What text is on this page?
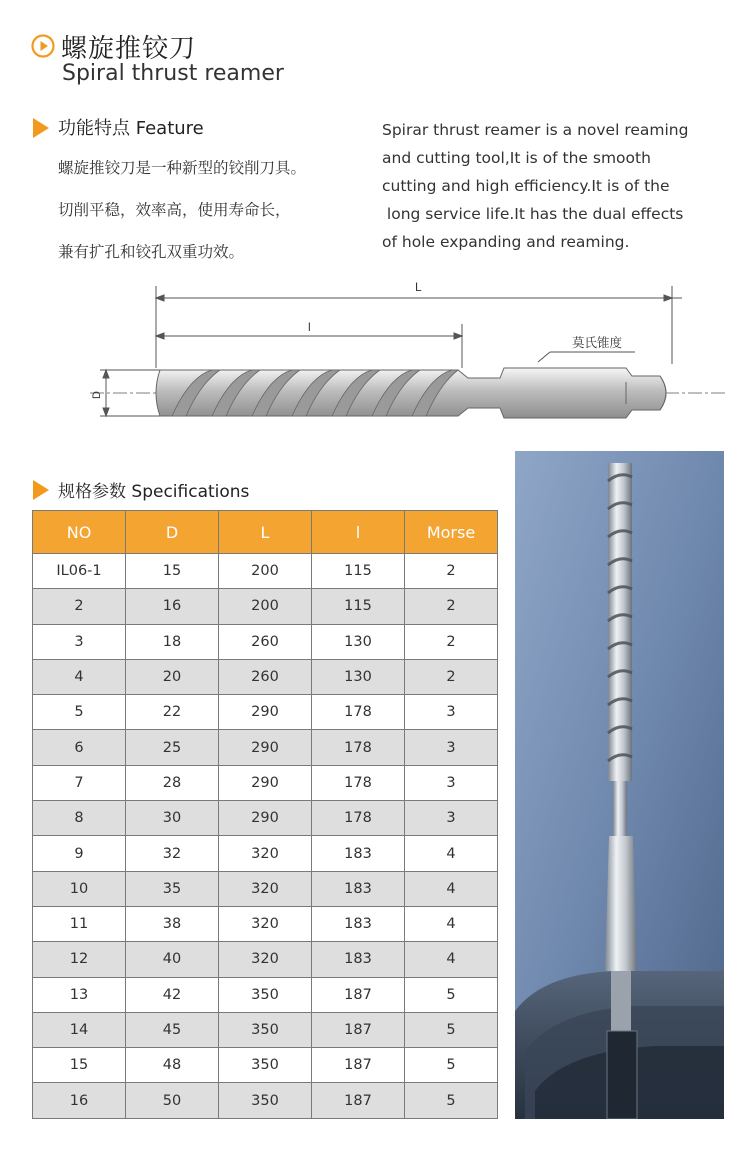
螺旋推铰刀
Spiral thrust reamer
功能特点 Feature
螺旋推铰刀是一种新型的铰削刀具。
切削平稳，效率高，使用寿命长，
兼有扩孔和铰孔双重功效。
Spirar thrust reamer is a novel reaming
and cutting tool,It is of the smooth
cutting and high efficiency.It is of the
long service life.It has the dual effects
of hole expanding and reaming.
L
l
D
莫氏锥度
规格参数 Specifications
NO	D	L	l	Morse
IL06-1	15	200	115	2
2	16	200	115	2
3	18	260	130	2
4	20	260	130	2
5	22	290	178	3
6	25	290	178	3
7	28	290	178	3
8	30	290	178	3
9	32	320	183	4
10	35	320	183	4
11	38	320	183	4
12	40	320	183	4
13	42	350	187	5
14	45	350	187	5
15	48	350	187	5
16	50	350	187	5
